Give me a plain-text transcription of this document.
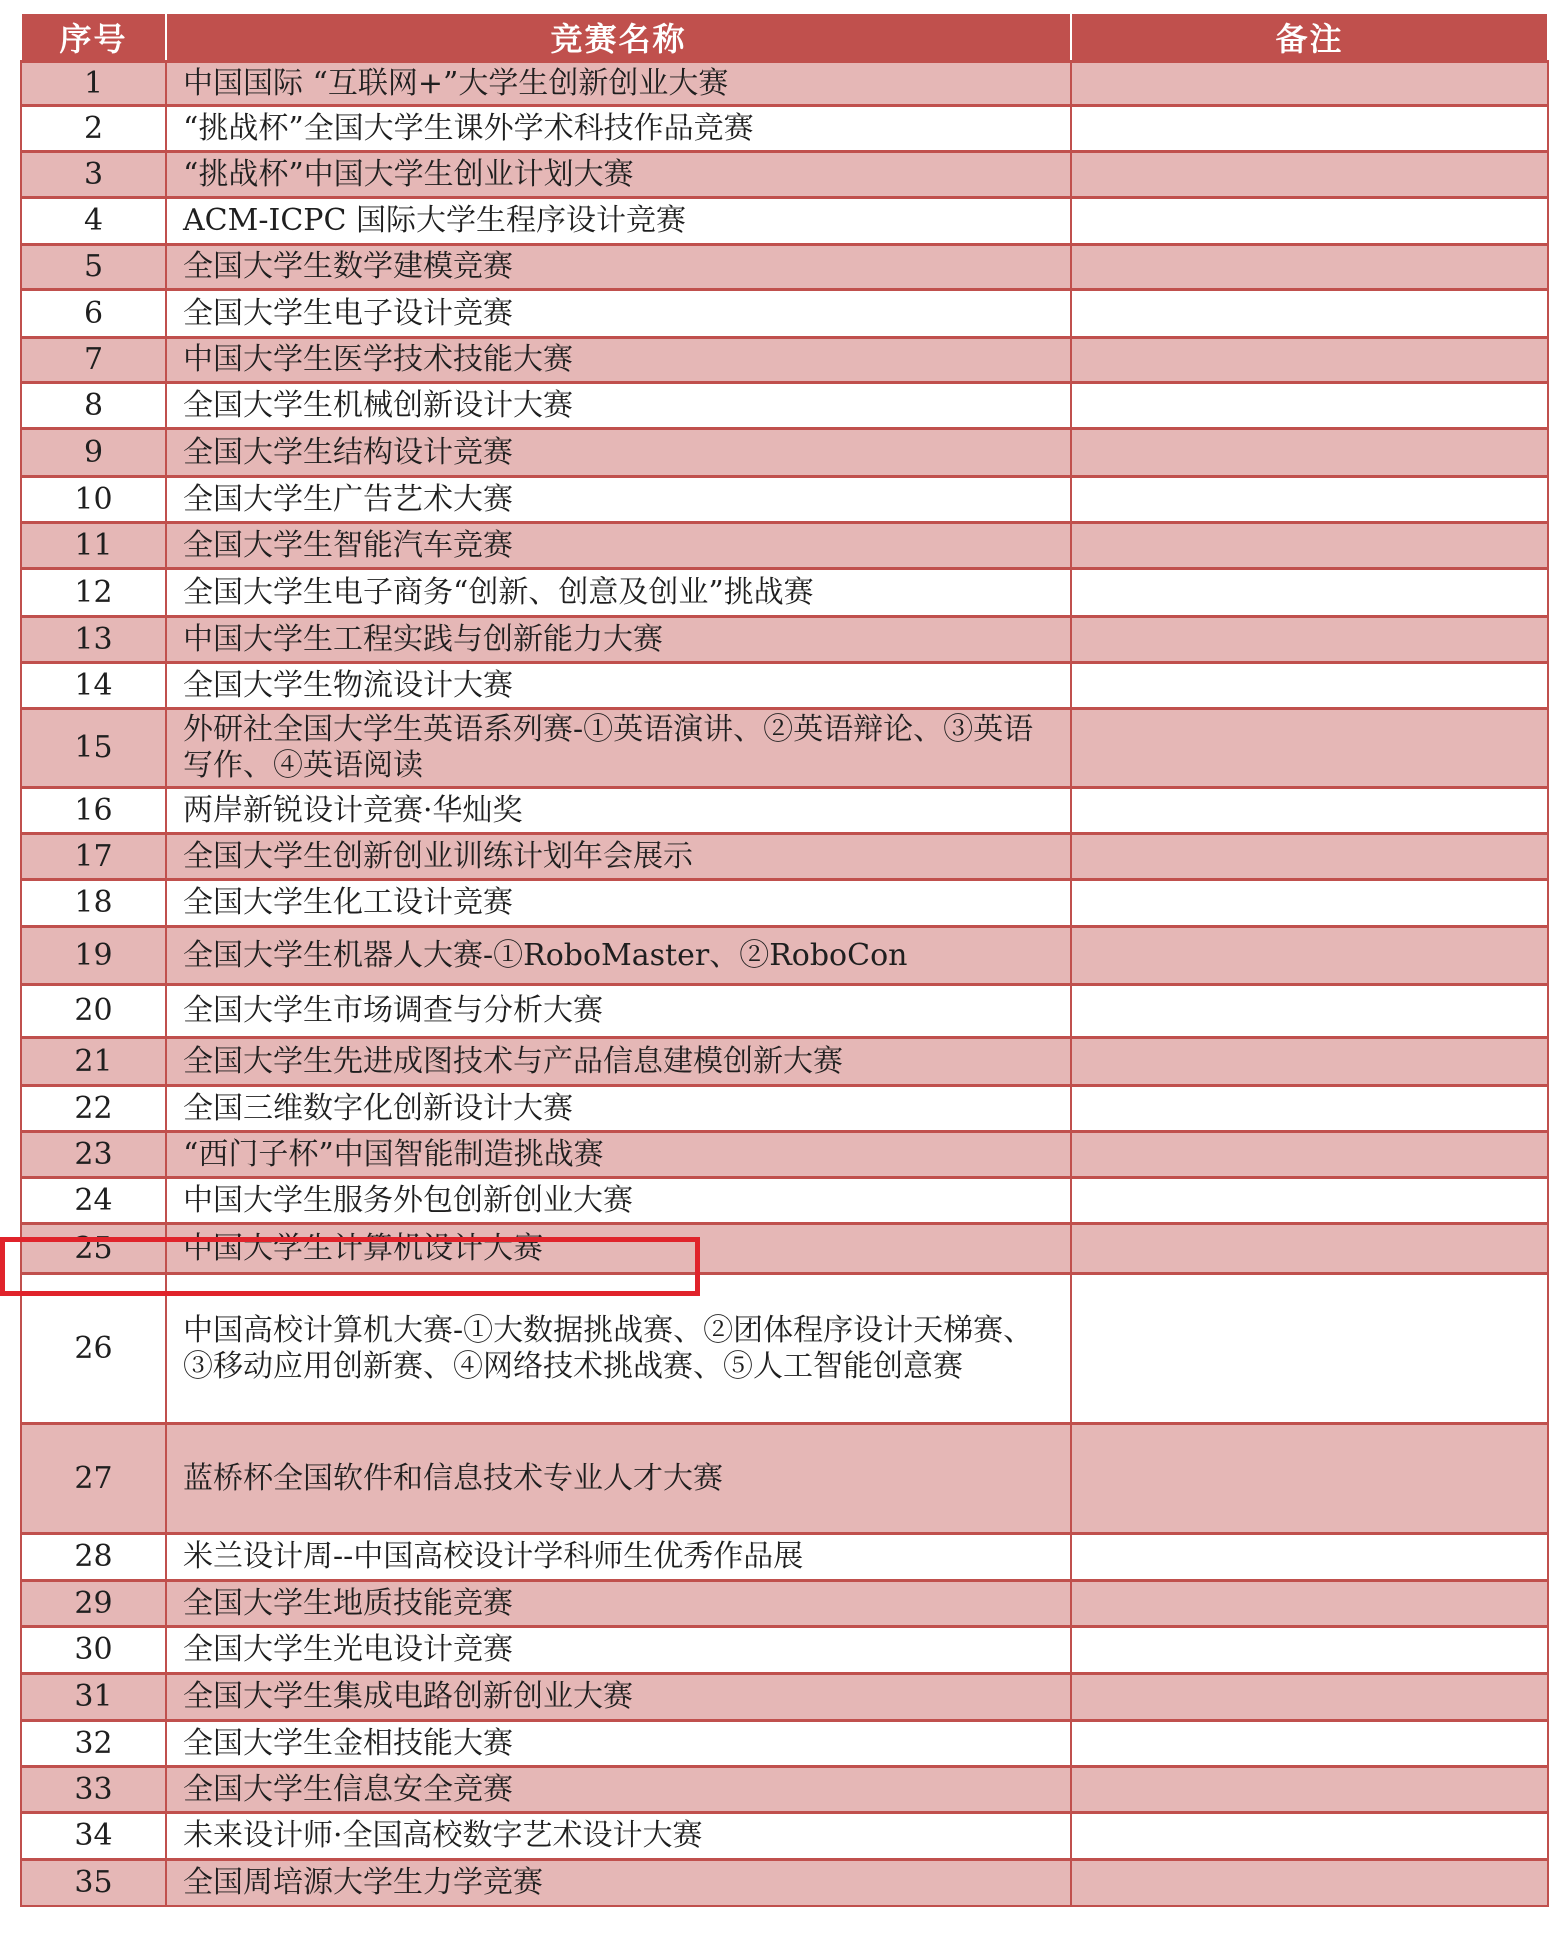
序号	竞赛名称	备注
1	中国国际 “互联网+”大学生创新创业大赛	
2	“挑战杯”全国大学生课外学术科技作品竞赛	
3	“挑战杯”中国大学生创业计划大赛	
4	ACM-ICPC 国际大学生程序设计竞赛	
5	全国大学生数学建模竞赛	
6	全国大学生电子设计竞赛	
7	中国大学生医学技术技能大赛	
8	全国大学生机械创新设计大赛	
9	全国大学生结构设计竞赛	
10	全国大学生广告艺术大赛	
11	全国大学生智能汽车竞赛	
12	全国大学生电子商务“创新、创意及创业”挑战赛	
13	中国大学生工程实践与创新能力大赛	
14	全国大学生物流设计大赛	
15	外研社全国大学生英语系列赛-①英语演讲、②英语辩论、③英语写作、④英语阅读	
16	两岸新锐设计竞赛·华灿奖	
17	全国大学生创新创业训练计划年会展示	
18	全国大学生化工设计竞赛	
19	全国大学生机器人大赛-①RoboMaster、②RoboCon	
20	全国大学生市场调查与分析大赛	
21	全国大学生先进成图技术与产品信息建模创新大赛	
22	全国三维数字化创新设计大赛	
23	“西门子杯”中国智能制造挑战赛	
24	中国大学生服务外包创新创业大赛	
25	中国大学生计算机设计大赛	
26	中国高校计算机大赛-①大数据挑战赛、②团体程序设计天梯赛、③移动应用创新赛、④网络技术挑战赛、⑤人工智能创意赛	
27	蓝桥杯全国软件和信息技术专业人才大赛	
28	米兰设计周--中国高校设计学科师生优秀作品展	
29	全国大学生地质技能竞赛	
30	全国大学生光电设计竞赛	
31	全国大学生集成电路创新创业大赛	
32	全国大学生金相技能大赛	
33	全国大学生信息安全竞赛	
34	未来设计师·全国高校数字艺术设计大赛	
35	全国周培源大学生力学竞赛	
